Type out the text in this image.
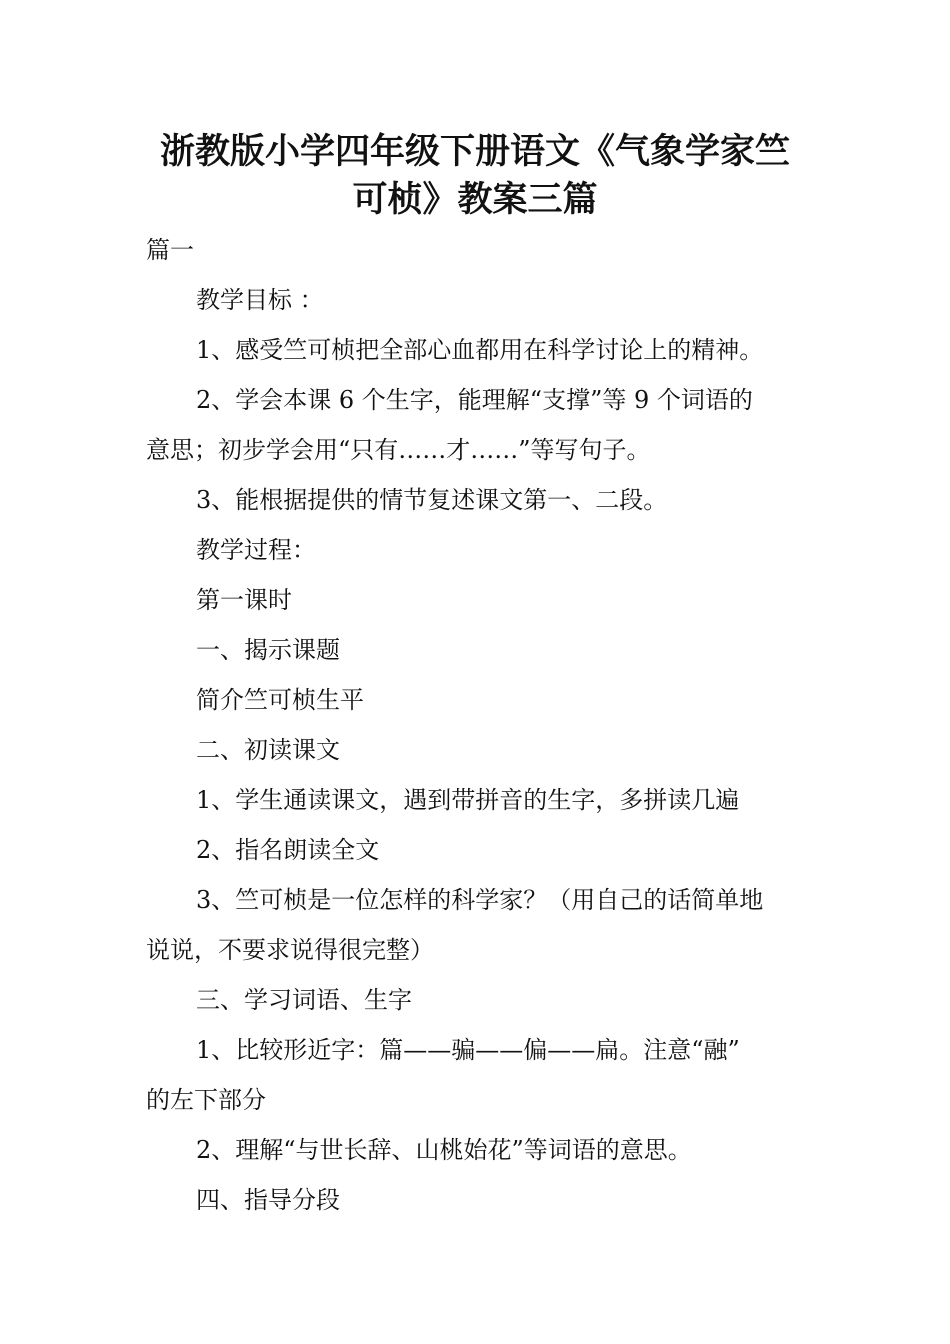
浙教版小学四年级下册语文《气象学家竺
可桢》教案三篇

篇一

教学目标 ：

1、感受竺可桢把全部心血都用在科学讨论上的精神。

2、学会本课 6 个生字，能理解“支撑”等 9 个词语的

意思；初步学会用“只有……才……”等写句子。

3、能根据提供的情节复述课文第一、二段。

教学过程：

第一课时

一、揭示课题

简介竺可桢生平

二、初读课文

1、学生通读课文，遇到带拼音的生字，多拼读几遍

2、指名朗读全文

3、竺可桢是一位怎样的科学家？（用自己的话简单地

说说，不要求说得很完整）

三、学习词语、生字

1、比较形近字：篇——骗——偏——扁。注意“融”

的左下部分

2、理解“与世长辞、山桃始花”等词语的意思。

四、指导分段
